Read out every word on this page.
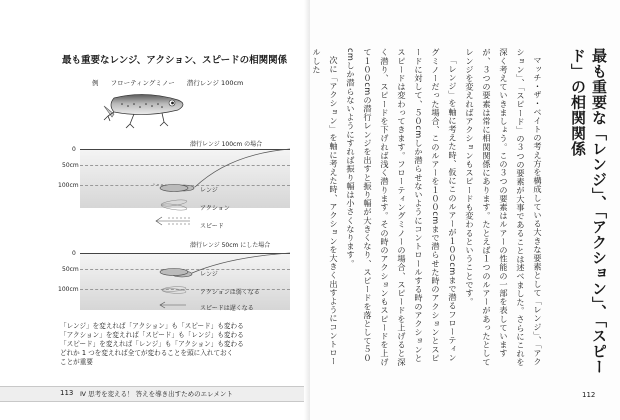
最も重要なレンジ、アクション、スピードの相関関係
例 フローティングミノー 潜行レンジ 100cm
潜行レンジ 100cm の場合
0
50cm
100cm
レンジ
アクション
スピード
潜行レンジ 50cm にした場合
0
50cm
100cm
レンジ
アクションは弱くなる
スピードは遅くなる
「レンジ」を変えれば「アクション」も「スピード」も変わる
「アクション」を変えれば「スピード」も「レンジ」も変わる
「スピード」を変えれば「レンジ」も「アクション」も変わる
どれか 1 つを変えれば全てが変わることを頭に入れておく
ことが重要
113 Ⅳ 思考を変える！ 答えを導き出すためのエレメント
最も重要な「レンジ」、「アクション」、「スピード」の相関関係

マッチ・ザ・ベイトの考え方を構成している大きな要素として「レンジ」、「アクション」、「スピード」の３つの要素が大事であることは述べました。さらにこれを深く考えていきましょう。この３つの要素はルアーの性能の一部を表していますが、３つの要素は常に相関関係にあります。たとえば１つのルアーがあったとしてレンジを変えればアクションもスピードも変わるということです。

「レンジ」を軸に考えた時、仮にこのルアーが１００cmまで潜るフローティングミノーだった場合、このルアーを１００cmまで潜らせた時のアクションとスピードに対して、５０cmしか潜らせないようにコントロールする時のアクションとスピードは変わってきます。フローティングミノーの場合、スピードを上げると深く潜り、スピードを下げれば浅く潜ります。その時のアクションもスピードを上げて１００cmの潜行レンジを出すと振り幅が大きくなり、スピードを落として５０cmしか潜らないようにすれば振り幅は小さくなります。

次に「アクション」を軸に考えた時、アクションを大きく出すようにコントロールした

112
